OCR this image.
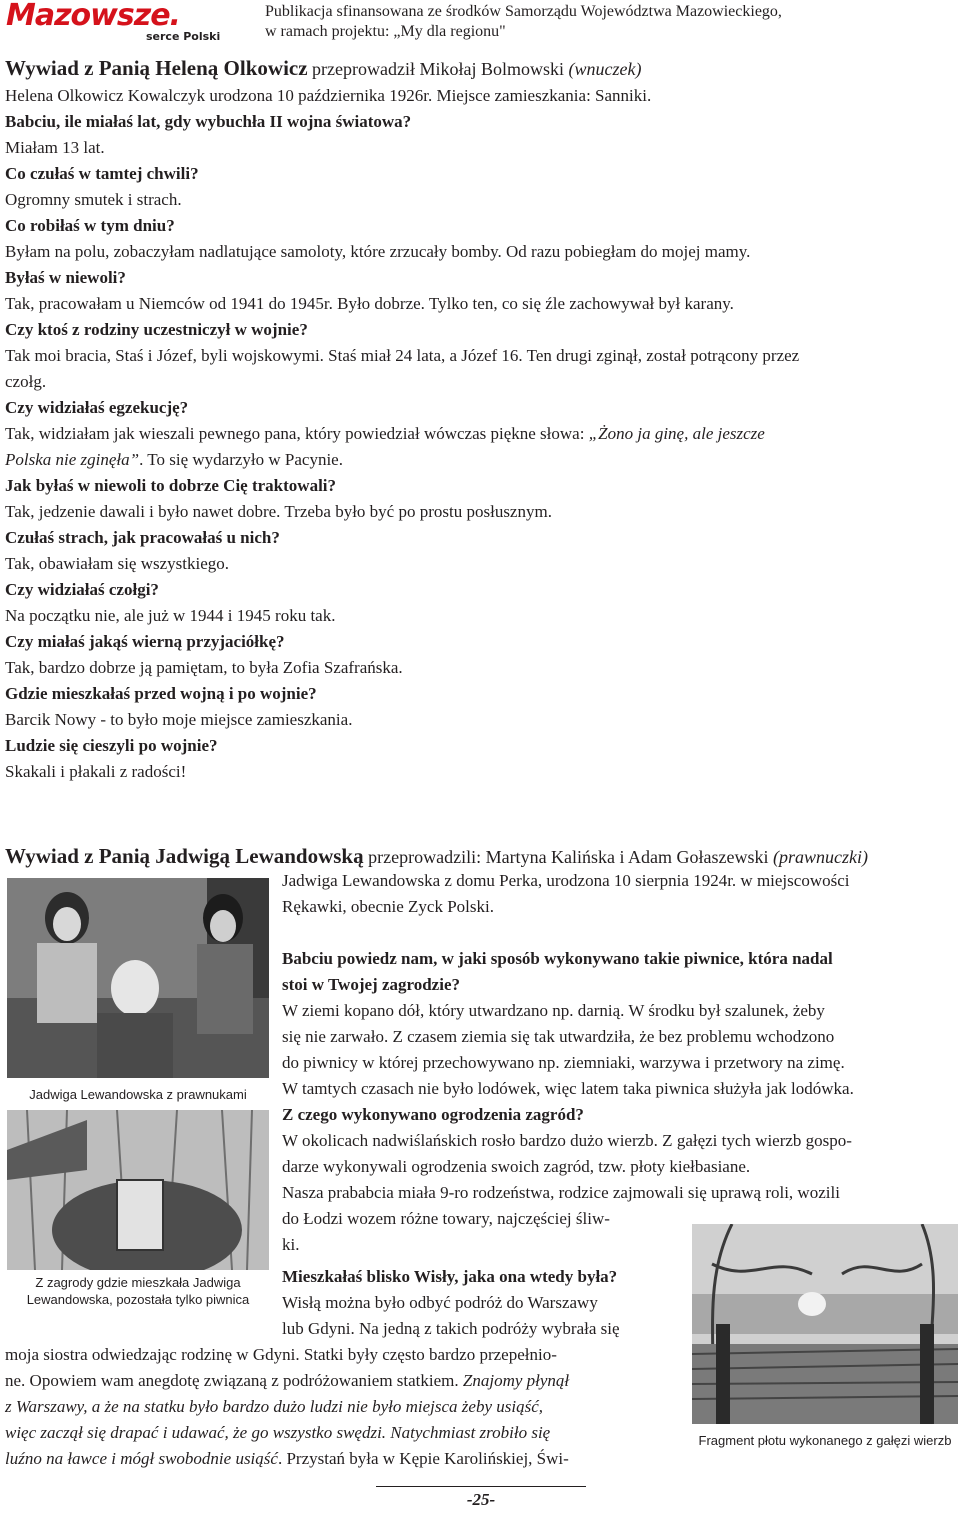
Mazowsze.
serce Polski
Publikacja sfinansowana ze środków Samorządu Województwa Mazowieckiego,
w ramach projektu: „My dla regionu"
Wywiad z Panią Heleną Olkowicz przeprowadził Mikołaj Bolmowski (wnuczek)
Helena Olkowicz Kowalczyk urodzona 10 października 1926r. Miejsce zamieszkania: Sanniki.
Babciu, ile miałaś lat, gdy wybuchła II wojna światowa?
Miałam 13 lat.
Co czułaś w tamtej chwili?
Ogromny smutek i strach.
Co robiłaś w tym dniu?
Byłam na polu, zobaczyłam nadlatujące samoloty, które zrzucały bomby. Od razu pobiegłam do mojej mamy.
Byłaś w niewoli?
Tak, pracowałam u Niemców od 1941 do 1945r. Było dobrze. Tylko ten, co się źle zachowywał był karany.
Czy ktoś z rodziny uczestniczył w wojnie?
Tak moi bracia, Staś i Józef, byli wojskowymi. Staś miał 24 lata, a Józef 16. Ten drugi zginął, został potrącony przez
czołg.
Czy widziałaś egzekucję?
Tak, widziałam jak wieszali pewnego pana, który powiedział wówczas piękne słowa: „Żono ja ginę, ale jeszcze
Polska nie zginęła”. To się wydarzyło w Pacynie.
Jak byłaś w niewoli to dobrze Cię traktowali?
Tak, jedzenie dawali i było nawet dobre. Trzeba było być po prostu posłusznym.
Czułaś strach, jak pracowałaś u nich?
Tak, obawiałam się wszystkiego.
Czy widziałaś czołgi?
Na początku nie, ale już w 1944 i 1945 roku tak.
Czy miałaś jakąś wierną przyjaciółkę?
Tak, bardzo dobrze ją pamiętam, to była Zofia Szafrańska.
Gdzie mieszkałaś przed wojną i po wojnie?
Barcik Nowy - to było moje miejsce zamieszkania.
Ludzie się cieszyli po wojnie?
Skakali i płakali z radości!
Wywiad z Panią Jadwigą Lewandowską przeprowadzili: Martyna Kalińska i Adam Gołaszewski (prawnuczki)
Jadwiga Lewandowska z domu Perka, urodzona 10 sierpnia 1924r. w miejscowości
Rękawki, obecnie Zyck Polski.
Jadwiga Lewandowska z prawnukami
Z zagrody gdzie mieszkała Jadwiga Lewandowska, pozostała tylko piwnica
Babciu powiedz nam, w jaki sposób wykonywano takie piwnice, która nadal
stoi w Twojej zagrodzie?
W ziemi kopano dół, który utwardzano np. darnią. W środku był szalunek, żeby
się nie zarwało. Z czasem ziemia się tak utwardziła, że bez problemu wchodzono
do piwnicy w której przechowywano np. ziemniaki, warzywa i przetwory na zimę.
W tamtych czasach nie było lodówek, więc latem taka piwnica służyła jak lodówka.
Z czego wykonywano ogrodzenia zagród?
W okolicach nadwiślańskich rosło bardzo dużo wierzb. Z gałęzi tych wierzb gospo-
darze wykonywali ogrodzenia swoich zagród, tzw. płoty kiełbasiane.
Nasza prababcia miała 9-ro rodzeństwa, rodzice zajmowali się uprawą roli, wozili
do Łodzi wozem różne towary, najczęściej śliw-
ki.
Fragment płotu wykonanego z gałęzi wierzb
Mieszkałaś blisko Wisły, jaka ona wtedy była?
Wisłą można było odbyć podróż do Warszawy
lub Gdyni. Na jedną z takich podróży wybrała się
moja siostra odwiedzając rodzinę w Gdyni. Statki były często bardzo przepełnio-
ne. Opowiem wam anegdotę związaną z podróżowaniem statkiem. Znajomy płynął
z Warszawy, a że na statku było bardzo dużo ludzi nie było miejsca żeby usiąść,
więc zaczął się drapać i udawać, że go wszystko swędzi. Natychmiast zrobiło się
luźno na ławce i mógł swobodnie usiąść. Przystań była w Kępie Karolińskiej, Świ-
-25-
